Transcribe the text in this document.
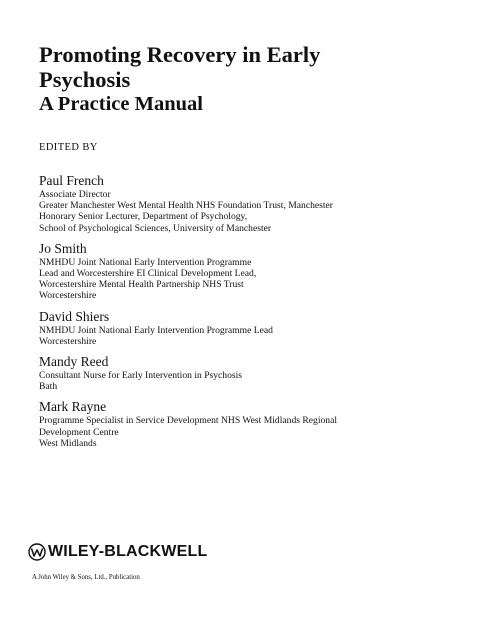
Promoting Recovery in Early
Psychosis
A Practice Manual
EDITED BY
Paul French
Associate Director
Greater Manchester West Mental Health NHS Foundation Trust, Manchester
Honorary Senior Lecturer, Department of Psychology,
School of Psychological Sciences, University of Manchester
Jo Smith
NMHDU Joint National Early Intervention Programme
Lead and Worcestershire EI Clinical Development Lead,
Worcestershire Mental Health Partnership NHS Trust
Worcestershire
David Shiers
NMHDU Joint National Early Intervention Programme Lead
Worcestershire
Mandy Reed
Consultant Nurse for Early Intervention in Psychosis
Bath
Mark Rayne
Programme Specialist in Service Development NHS West Midlands Regional
Development Centre
West Midlands
WILEY-BLACKWELL
A John Wiley & Sons, Ltd., Publication
